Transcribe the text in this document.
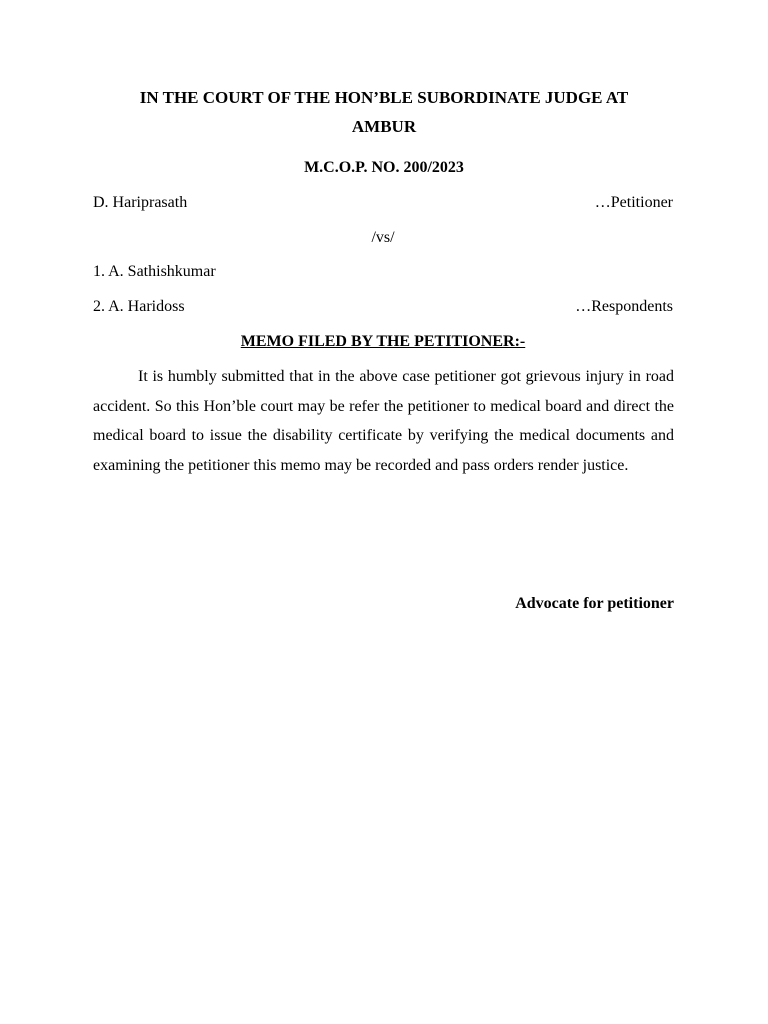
IN THE COURT OF THE HON’BLE SUBORDINATE JUDGE AT
AMBUR
M.C.O.P. NO. 200/2023
D. Hariprasath	…Petitioner
/vs/
1. A. Sathishkumar
2. A. Haridoss	…Respondents
MEMO FILED BY THE PETITIONER:-

It is humbly submitted that in the above case petitioner got grievous injury in road accident. So this Hon’ble court may be refer the petitioner to medical board and direct the medical board to issue the disability certificate by verifying the medical documents and examining the petitioner this memo may be recorded and pass orders render justice.

Advocate for petitioner
